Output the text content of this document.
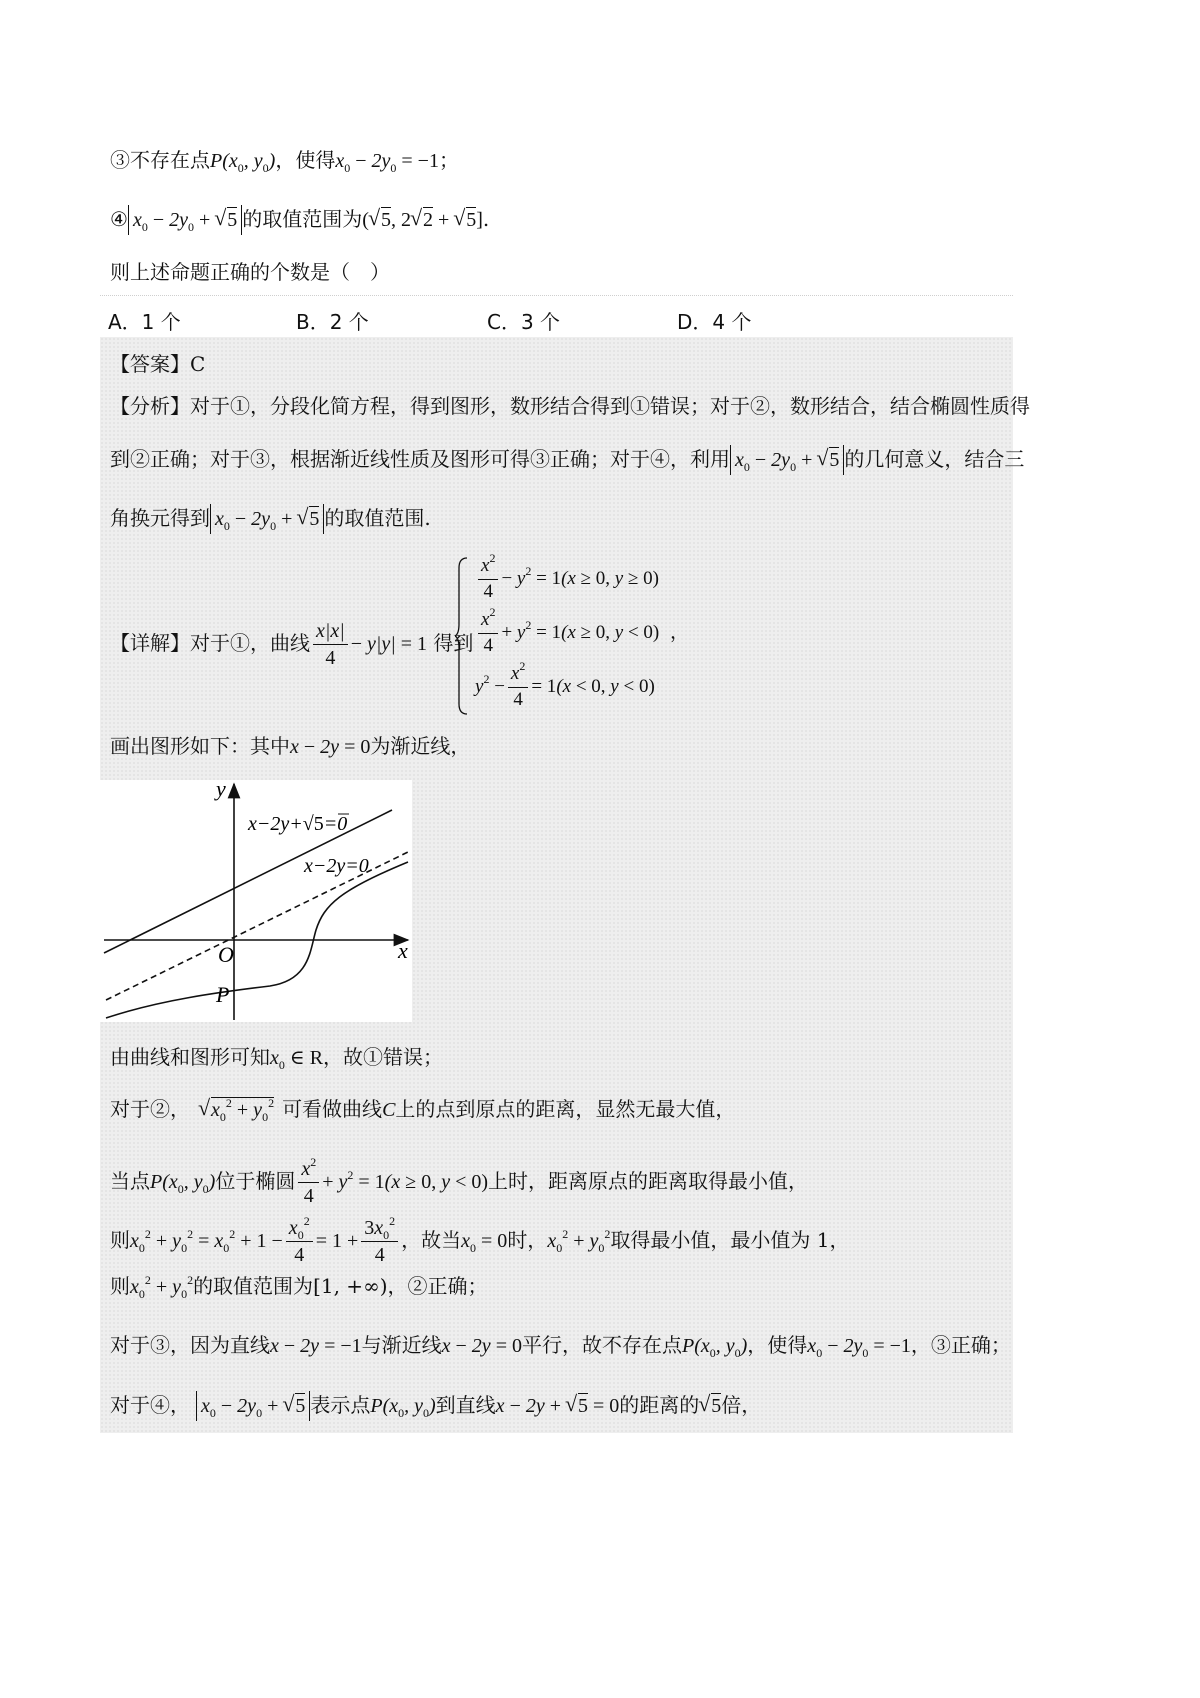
③不存在点$P(x_0$, $y_0$)，使得$x_0 - 2y_0 = -1$；
④ $x_0 - 2y_0$ + √ 5 的取值范围为( √ 5, 2 √ 2 + √ 5].
则上述命题正确的个数是（　）
A．1 个	B．2 个	C．3 个	D．4 个
【答案】C
【分析】对于①，分段化简方程，得到图形，数形结合得到①错误；对于②，数形结合，结合椭圆性质得
到②正确；对于③，根据渐近线性质及图形可得③正确；对于④，利用 $x_0 - 2y_0$ + √ 5 的几何意义，结合三
角换元得到 $x_0 - 2y_0$ + √ 5 的取值范围.
【详解】对于①，曲线 $\frac{x|x|}{4} - y|y| = 1$ 得到
$\frac{x^2}{4} - y^2 = 1(x \ge 0$, y ≥ 0)
$\frac{x^2}{4} + y^2 = 1(x \ge 0$, y < 0) ，
$y^2 - \frac{x^2}{4} = 1(x < 0$, y < 0)
画出图形如下：其中x − 2y = 0为渐近线，
y
x
O
P
x−2y+√5=0
x−2y=0
由曲线和图形可知$x_0$ ∈ R，故①错误；
对于②， √ $x_0^2 + y_0^2$ 可看做曲线C上的点到原点的距离，显然无最大值，
当点$P(x_0$, $y_0$)位于椭圆 $\frac{x^2}{4} + y^2 = 1(x \ge 0$, y < 0)上时，距离原点的距离取得最小值，
则$x_0^2 + y_0^2 = x_0^2 + 1 - \frac{x_0^2}{4} = 1 + \frac{3x_0^2}{4}$ ，故当$x_0 = 0$时，$x_0^2 + y_0^2$取得最小值，最小值为 1，
则$x_0^2 + y_0^2$的取值范围为[1, +∞)，②正确；
对于③，因为直线x − 2y = −1与渐近线x − 2y = 0平行，故不存在点$P(x_0$, $y_0$)，使得$x_0 - 2y_0 = -1$，③正确；
对于④， $x_0 - 2y_0$ + √ 5 表示点$P(x_0$, $y_0$)到直线x − 2y + √ 5 = 0的距离的 √ 5倍，
